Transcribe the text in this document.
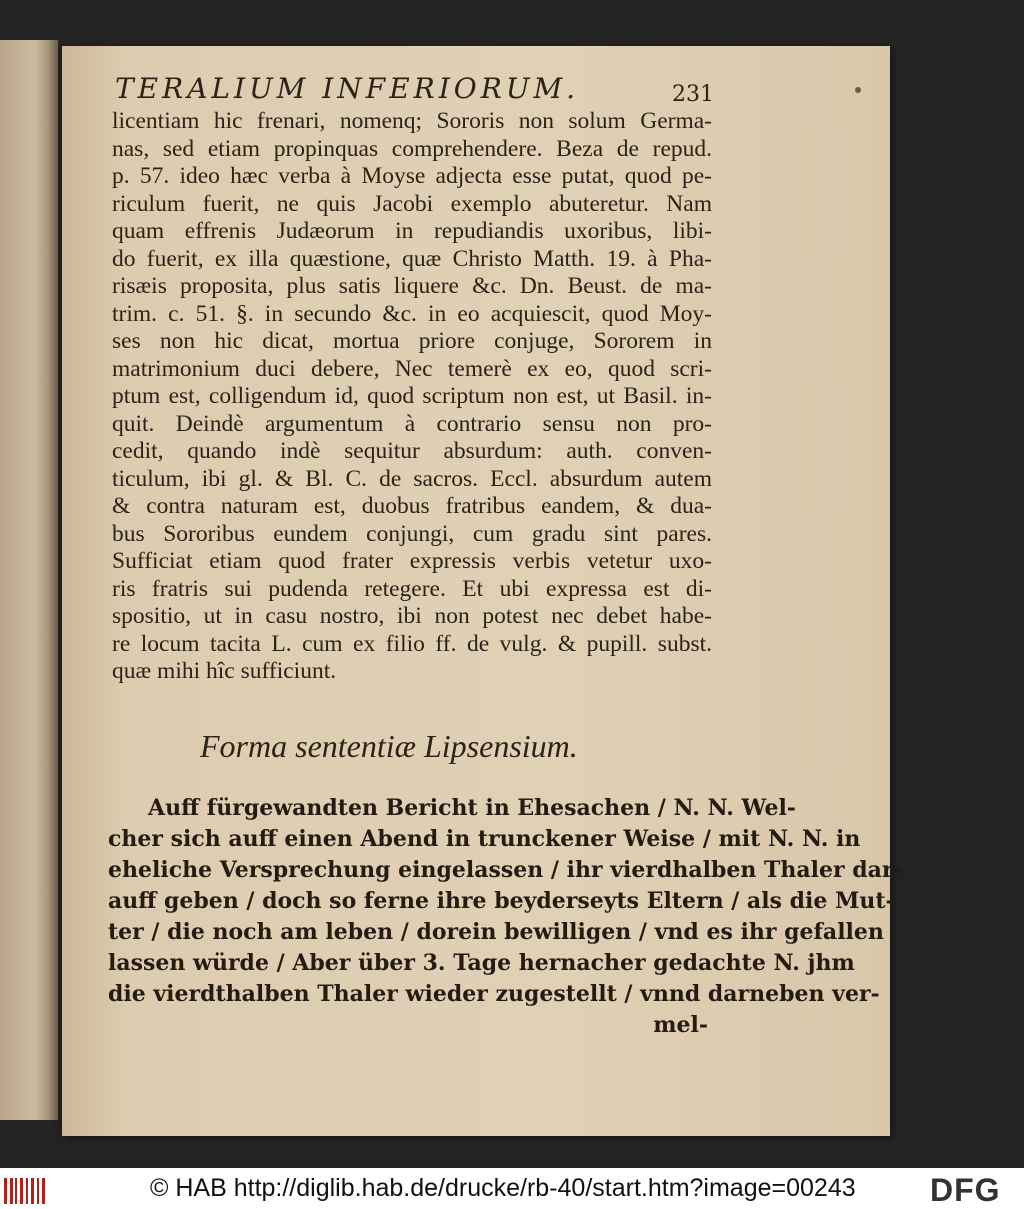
TERALIUM INFERIORUM.	231
licentiam hic frenari, nomenq; Sororis non solum Germa-
nas, sed etiam propinquas comprehendere. Beza de repud.
p. 57. ideo hæc verba à Moyse adjecta esse putat, quod pe-
riculum fuerit, ne quis Jacobi exemplo abuteretur. Nam
quam effrenis Judæorum in repudiandis uxoribus, libi-
do fuerit, ex illa quæstione, quæ Christo Matth. 19. à Pha-
risæis proposita, plus satis liquere &c. Dn. Beust. de ma-
trim. c. 51. §. in secundo &c. in eo acquiescit, quod Moy-
ses non hic dicat, mortua priore conjuge, Sororem in
matrimonium duci debere, Nec temerè ex eo, quod scri-
ptum est, colligendum id, quod scriptum non est, ut Basil. in-
quit. Deindè argumentum à contrario sensu non pro-
cedit, quando indè sequitur absurdum: auth. conven-
ticulum, ibi gl. & Bl. C. de sacros. Eccl. absurdum autem
& contra naturam est, duobus fratribus eandem, & dua-
bus Sororibus eundem conjungi, cum gradu sint pares.
Sufficiat etiam quod frater expressis verbis vetetur uxo-
ris fratris sui pudenda retegere. Et ubi expressa est di-
spositio, ut in casu nostro, ibi non potest nec debet habe-
re locum tacita L. cum ex filio ff. de vulg. & pupill. subst.
quæ mihi hîc sufficiunt.
Forma sententiæ Lipsensium.
Auff fürgewandten Bericht in Ehesachen / N. N. Wel-
cher sich auff einen Abend in trunckener Weise / mit N. N. in
eheliche Versprechung eingelassen / ihr vierdhalben Thaler dar-
auff geben / doch so ferne ihre beyderseyts Eltern / als die Mut-
ter / die noch am leben / dorein bewilligen / vnd es ihr gefallen
lassen würde / Aber über 3. Tage hernacher gedachte N. jhm
die vierdthalben Thaler wieder zugestellt / vnnd darneben ver-
mel-
© HAB http://diglib.hab.de/drucke/rb-40/start.htm?image=00243 DFG
